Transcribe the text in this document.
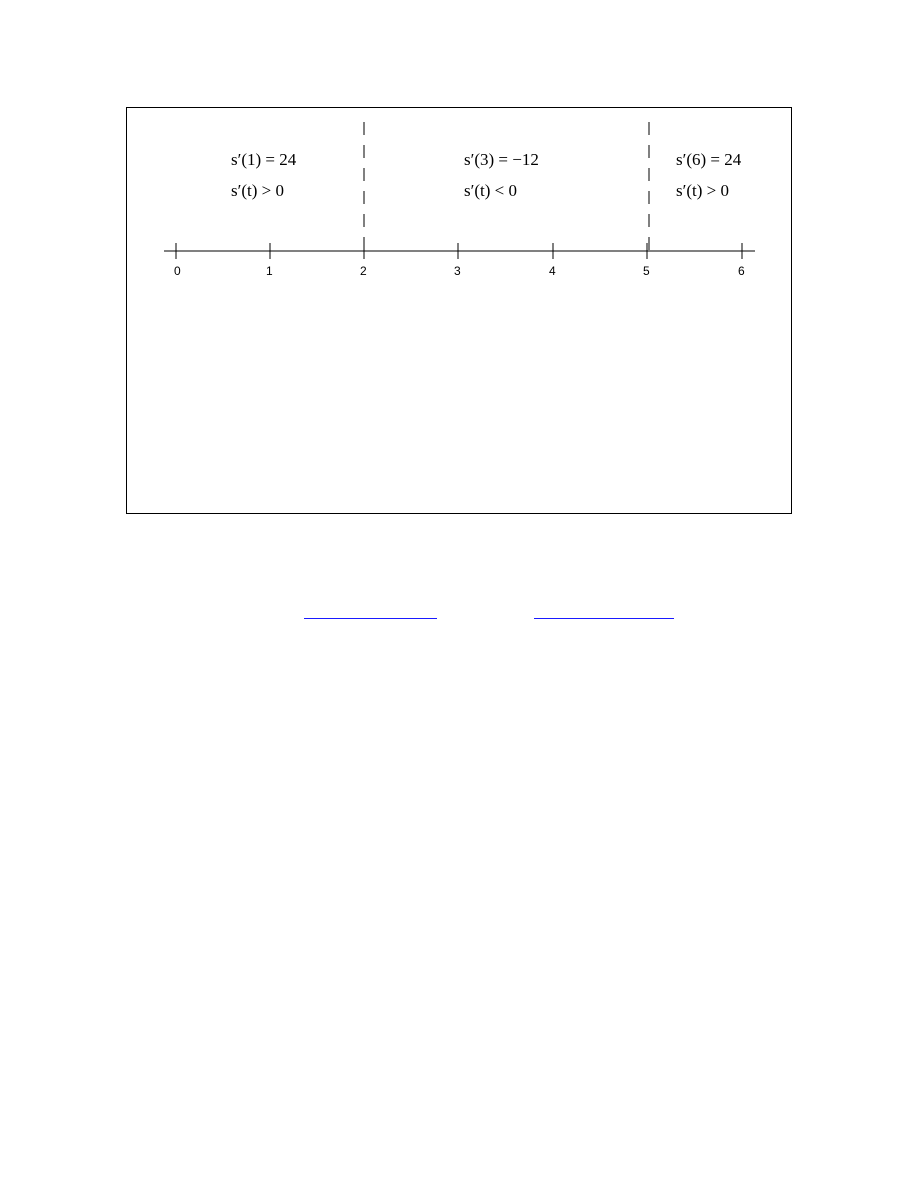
0	1	2	3	4	5	6
s′(1) = 24
s′(t) > 0
s′(3) = −12
s′(t) < 0
s′(6) = 24
s′(t) > 0
